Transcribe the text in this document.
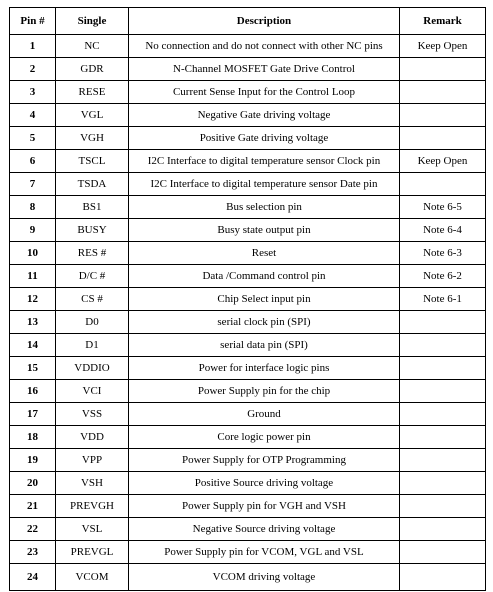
Pin #	Single	Description	Remark
1	NC	No connection and do not connect with other NC pins	Keep Open
2	GDR	N-Channel MOSFET Gate Drive Control	
3	RESE	Current Sense Input for the Control Loop	
4	VGL	Negative Gate driving voltage	
5	VGH	Positive Gate driving voltage	
6	TSCL	I2C Interface to digital temperature sensor Clock pin	Keep Open
7	TSDA	I2C Interface to digital temperature sensor Date pin	
8	BS1	Bus selection pin	Note 6-5
9	BUSY	Busy state output pin	Note 6-4
10	RES #	Reset	Note 6-3
11	D/C #	Data /Command control pin	Note 6-2
12	CS #	Chip Select input pin	Note 6-1
13	D0	serial clock pin (SPI)	
14	D1	serial data pin (SPI)	
15	VDDIO	Power for interface logic pins	
16	VCI	Power Supply pin for the chip	
17	VSS	Ground	
18	VDD	Core logic power pin	
19	VPP	Power Supply for OTP Programming	
20	VSH	Positive Source driving voltage	
21	PREVGH	Power Supply pin for VGH and VSH	
22	VSL	Negative Source driving voltage	
23	PREVGL	Power Supply pin for VCOM, VGL and VSL	
24	VCOM	VCOM driving voltage	
